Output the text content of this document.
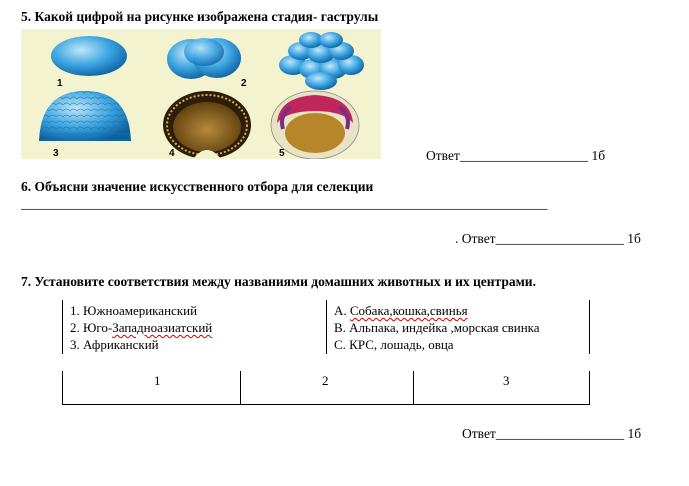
5. Какой цифрой на рисунке изображена стадия- гаструлы
1	2
3	4	5	Ответ___________________ 1б
6. Объясни значение искусственного отбора для селекции
______________________________________________________________________________
. Ответ___________________ 1б
7. Установите соответствия между названиями домашних животных и их центрами.
1. Южноамериканский
2. Юго-Западноазиатский
3. Африканский
А. Собака,кошка,свинья
В. Альпака, индейка ,морская свинка
С. КРС, лошадь, овца
1	2	3
Ответ___________________ 1б
